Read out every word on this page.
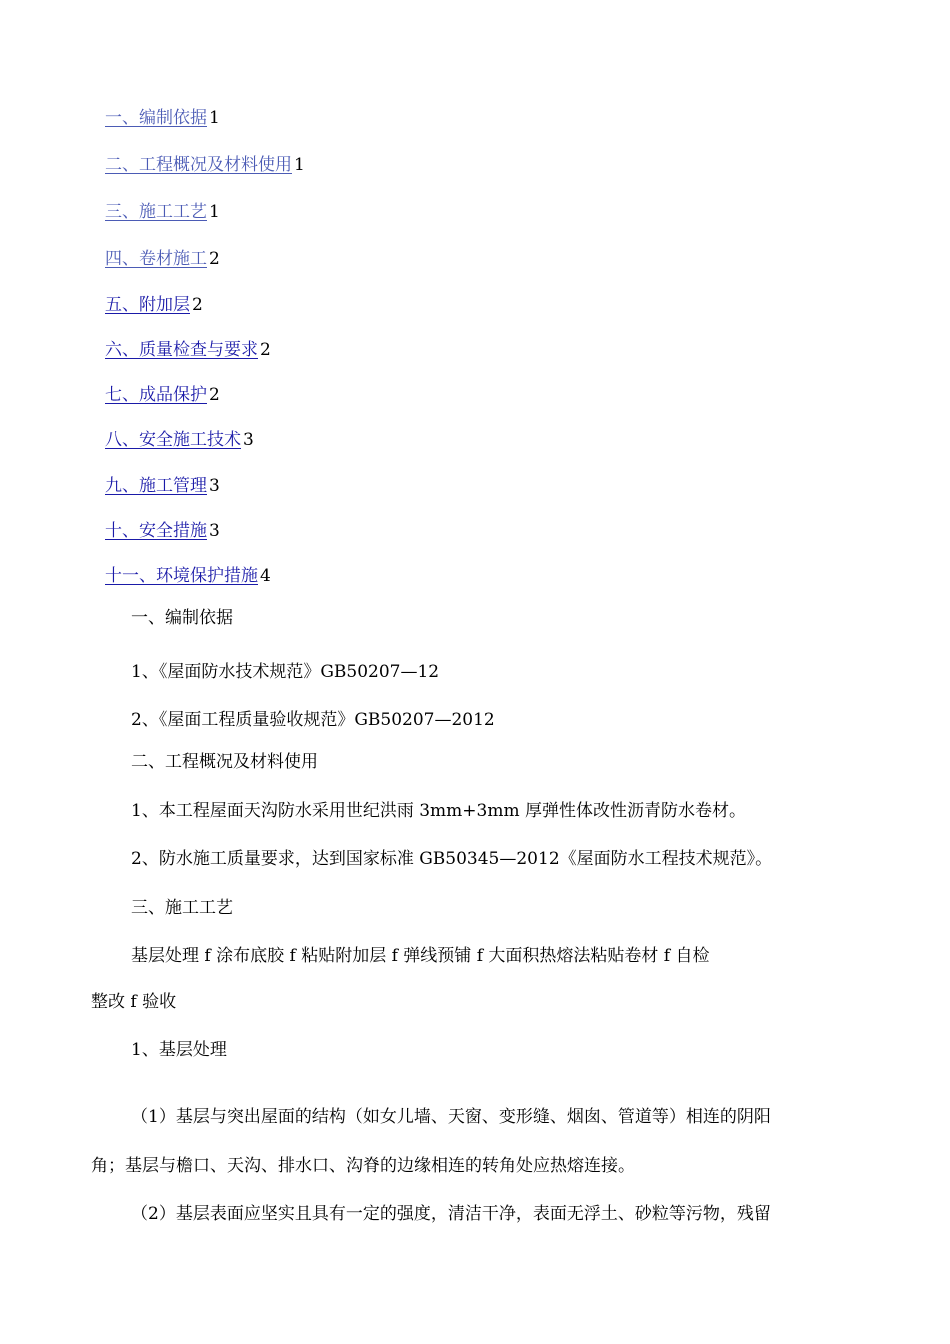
一、编制依据 1
二、工程概况及材料使用 1
三、施工工艺 1
四、卷材施工 2
五、附加层 2
六、质量检查与要求 2
七、成品保护 2
八、安全施工技术 3
九、施工管理 3
十、安全措施 3
十一、环境保护措施 4
一、编制依据
1、《屋面防水技术规范》GB50207—12
2、《屋面工程质量验收规范》GB50207—2012
二、工程概况及材料使用
1、本工程屋面天沟防水采用世纪洪雨 3mm+3mm 厚弹性体改性沥青防水卷材。
2、防水施工质量要求，达到国家标准 GB50345—2012《屋面防水工程技术规范》。
三、施工工艺
基层处理 f 涂布底胶 f 粘贴附加层 f 弹线预铺 f 大面积热熔法粘贴卷材 f 自检
整改 f 验收
1、基层处理
（1）基层与突出屋面的结构（如女儿墙、天窗、变形缝、烟囱、管道等）相连的阴阳
角；基层与檐口、天沟、排水口、沟脊的边缘相连的转角处应热熔连接。
（2）基层表面应坚实且具有一定的强度，清洁干净，表面无浮土、砂粒等污物，残留
